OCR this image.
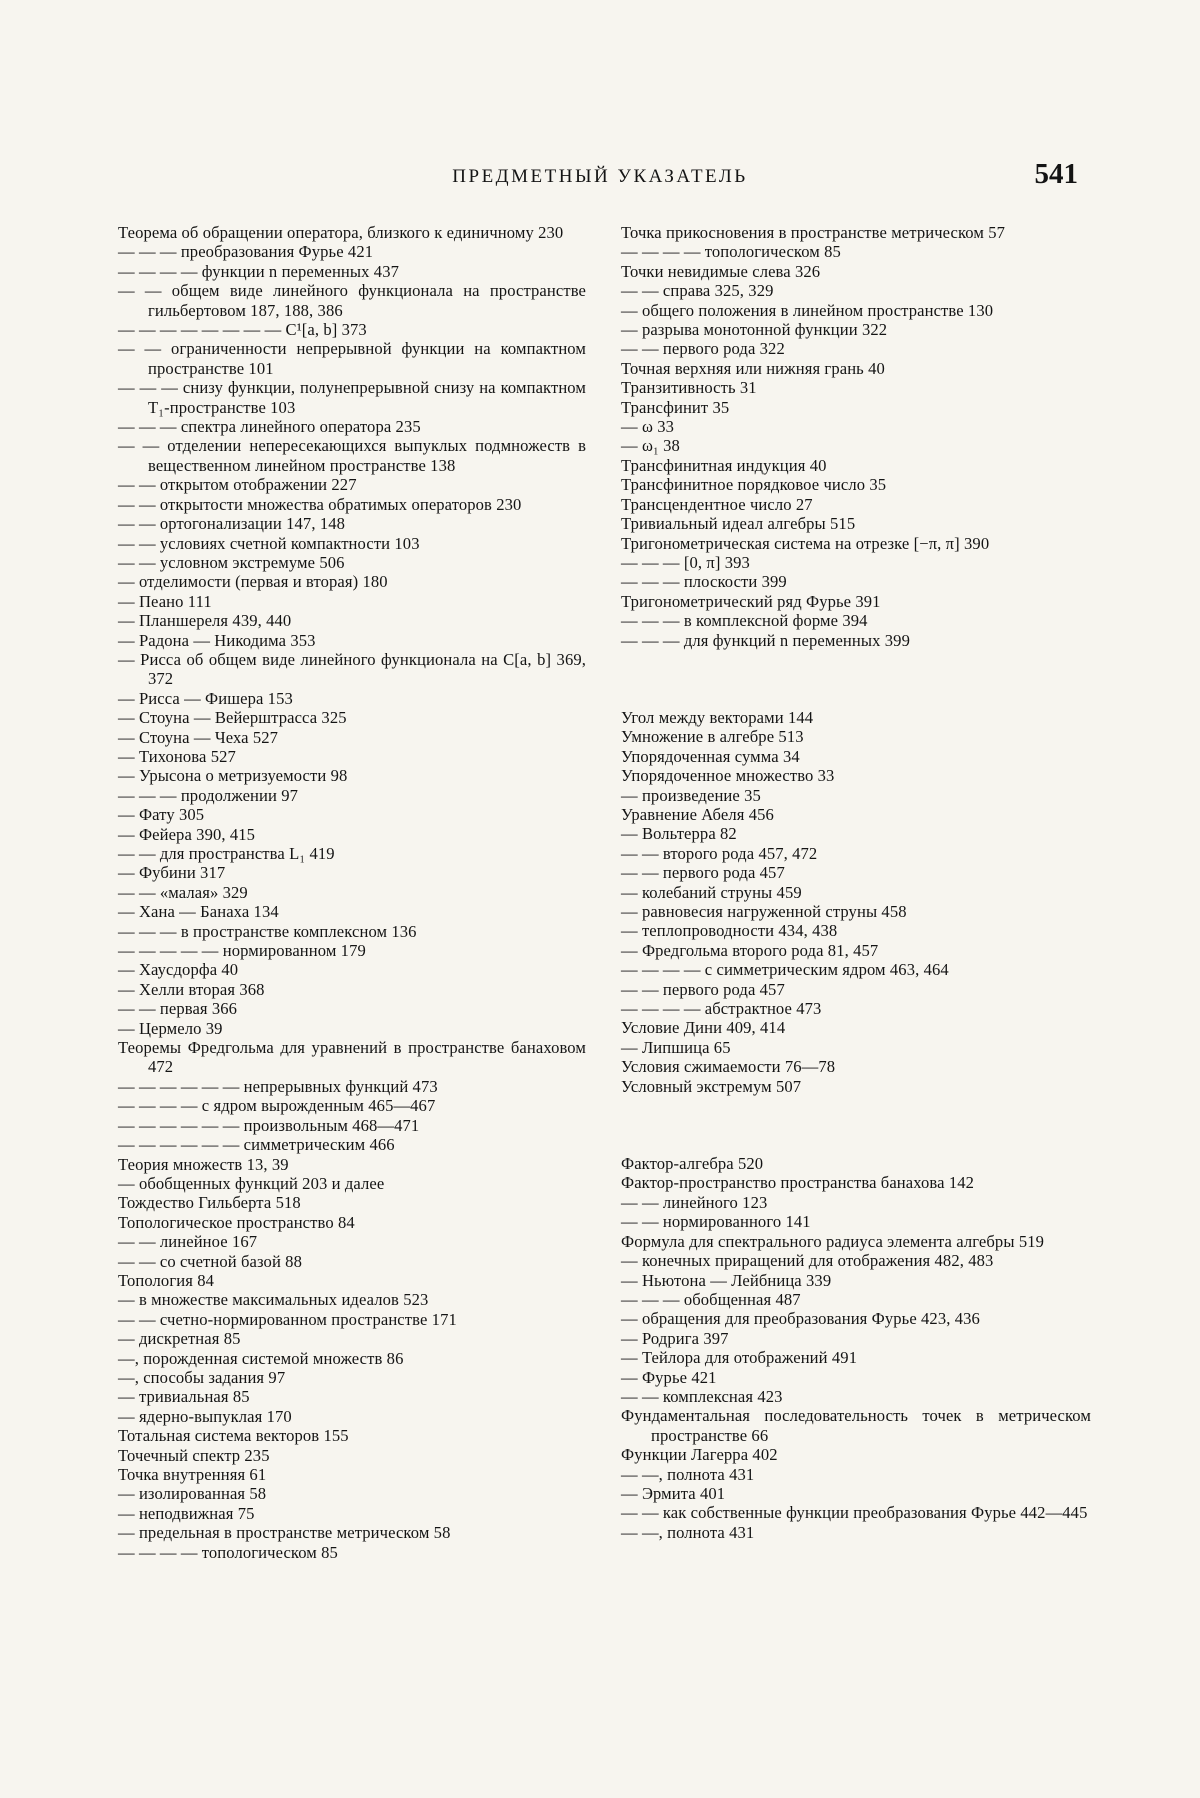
ПРЕДМЕТНЫЙ УКАЗАТЕЛЬ	541
Теорема об обращении оператора, близкого к единичному 230
— — — преобразования Фурье 421
— — — — функции n переменных 437
— — общем виде линейного функционала на пространстве гильбертовом 187, 188, 386
— — — — — — — — C¹[a, b] 373
— — ограниченности непрерывной функции на компактном пространстве 101
— — — снизу функции, полунепрерывной снизу на компактном T₁-пространстве 103
— — — спектра линейного оператора 235
— — отделении непересекающихся выпуклых подмножеств в вещественном линейном пространстве 138
— — открытом отображении 227
— — открытости множества обратимых операторов 230
— — ортогонализации 147, 148
— — условиях счетной компактности 103
— — условном экстремуме 506
— отделимости (первая и вторая) 180
— Пеано 111
— Планшереля 439, 440
— Радона — Никодима 353
— Рисса об общем виде линейного функционала на C[a, b] 369, 372
— Рисса — Фишера 153
— Стоуна — Вейерштрасса 325
— Стоуна — Чеха 527
— Тихонова 527
— Урысона о метризуемости 98
— — — продолжении 97
— Фату 305
— Фейера 390, 415
— — для пространства L₁ 419
— Фубини 317
— — «малая» 329
— Хана — Банаха 134
— — — в пространстве комплексном 136
— — — — — нормированном 179
— Хаусдорфа 40
— Хелли вторая 368
— — первая 366
— Цермело 39
Теоремы Фредгольма для уравнений в пространстве банаховом 472
— — — — — — непрерывных функций 473
— — — — с ядром вырожденным 465—467
— — — — — — произвольным 468—471
— — — — — — симметрическим 466
Теория множеств 13, 39
— обобщенных функций 203 и далее
Тождество Гильберта 518
Топологическое пространство 84
— — линейное 167
— — со счетной базой 88
Топология 84
— в множестве максимальных идеалов 523
— — счетно-нормированном пространстве 171
— дискретная 85
—, порожденная системой множеств 86
—, способы задания 97
— тривиальная 85
— ядерно-выпуклая 170
Тотальная система векторов 155
Точечный спектр 235
Точка внутренняя 61
— изолированная 58
— неподвижная 75
— предельная в пространстве метрическом 58
— — — — топологическом 85
Точка прикосновения в пространстве метрическом 57
— — — — топологическом 85
Точки невидимые слева 326
— — справа 325, 329
— общего положения в линейном пространстве 130
— разрыва монотонной функции 322
— — первого рода 322
Точная верхняя или нижняя грань 40
Транзитивность 31
Трансфинит 35
— ω 33
— ω₁ 38
Трансфинитная индукция 40
Трансфинитное порядковое число 35
Трансцендентное число 27
Тривиальный идеал алгебры 515
Тригонометрическая система на отрезке [−π, π] 390
— — — [0, π] 393
— — — плоскости 399
Тригонометрический ряд Фурье 391
— — — в комплексной форме 394
— — — для функций n переменных 399
Угол между векторами 144
Умножение в алгебре 513
Упорядоченная сумма 34
Упорядоченное множество 33
— произведение 35
Уравнение Абеля 456
— Вольтерра 82
— — второго рода 457, 472
— — первого рода 457
— колебаний струны 459
— равновесия нагруженной струны 458
— теплопроводности 434, 438
— Фредгольма второго рода 81, 457
— — — — с симметрическим ядром 463, 464
— — первого рода 457
— — — — абстрактное 473
Условие Дини 409, 414
— Липшица 65
Условия сжимаемости 76—78
Условный экстремум 507
Фактор-алгебра 520
Фактор-пространство пространства банахова 142
— — линейного 123
— — нормированного 141
Формула для спектрального радиуса элемента алгебры 519
— конечных приращений для отображения 482, 483
— Ньютона — Лейбница 339
— — — обобщенная 487
— обращения для преобразования Фурье 423, 436
— Родрига 397
— Тейлора для отображений 491
— Фурье 421
— — комплексная 423
Фундаментальная последовательность точек в метрическом пространстве 66
Функции Лагерра 402
— —, полнота 431
— Эрмита 401
— — как собственные функции преобразования Фурье 442—445
— —, полнота 431
